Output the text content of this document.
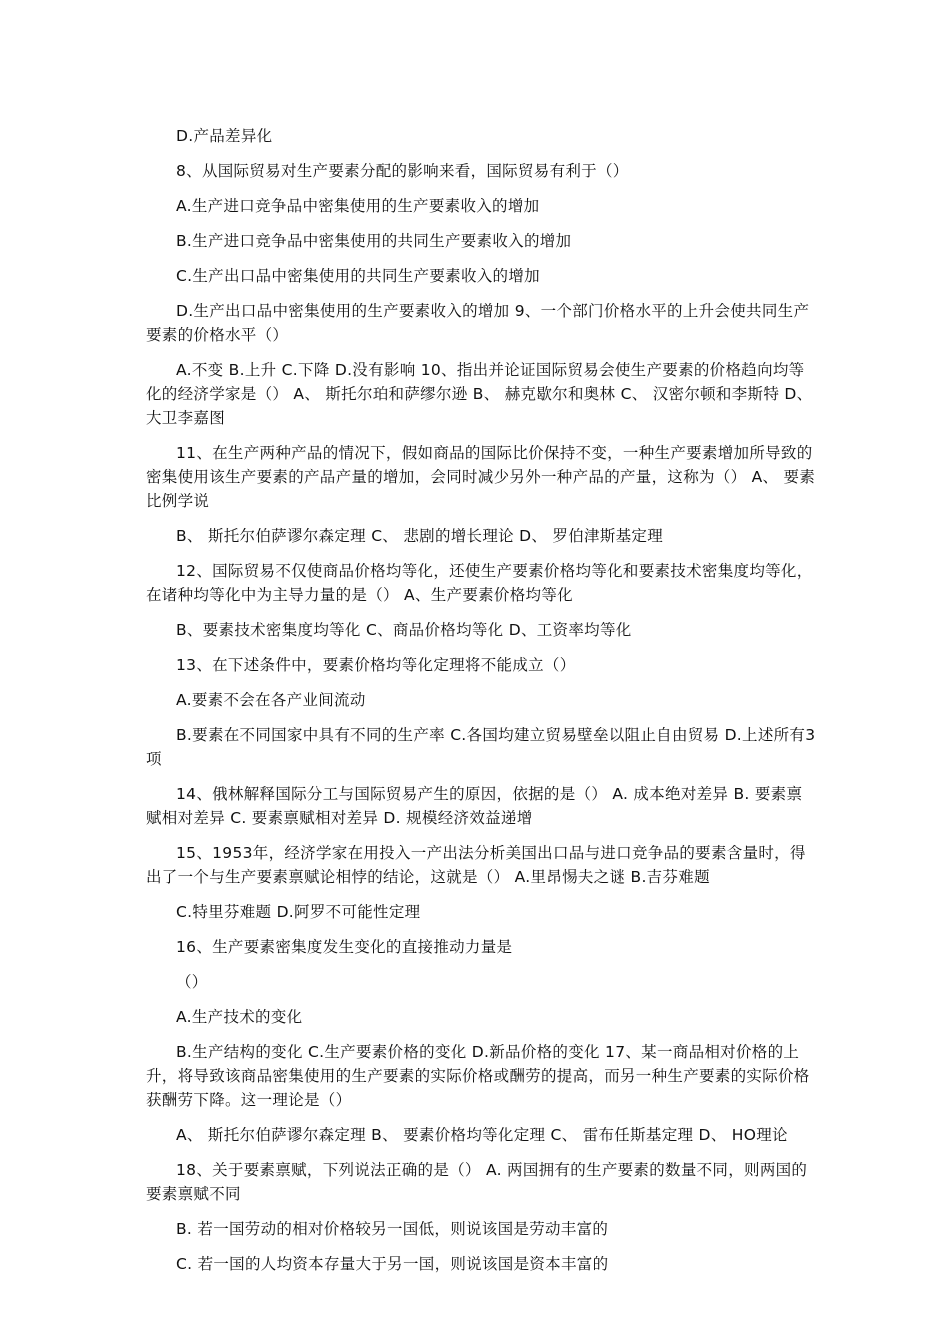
D.产品差异化

8、从国际贸易对生产要素分配的影响来看，国际贸易有利于（）

A.生产进口竞争品中密集使用的生产要素收入的增加

B.生产进口竞争品中密集使用的共同生产要素收入的增加

C.生产出口品中密集使用的共同生产要素收入的增加

D.生产出口品中密集使用的生产要素收入的增加 9、一个部门价格水平的上升会使共同生产要素的价格水平（）

A.不变 B.上升 C.下降 D.没有影响 10、指出并论证国际贸易会使生产要素的价格趋向均等化的经济学家是（） A、 斯托尔珀和萨缪尔逊 B、 赫克歇尔和奥林 C、 汉密尔顿和李斯特 D、 大卫李嘉图

11、在生产两种产品的情况下，假如商品的国际比价保持不变，一种生产要素增加所导致的密集使用该生产要素的产品产量的增加，会同时减少另外一种产品的产量，这称为（） A、 要素比例学说

B、 斯托尔伯萨谬尔森定理 C、 悲剧的增长理论 D、 罗伯津斯基定理

12、国际贸易不仅使商品价格均等化，还使生产要素价格均等化和要素技术密集度均等化，在诸种均等化中为主导力量的是（） A、生产要素价格均等化

B、要素技术密集度均等化 C、商品价格均等化 D、工资率均等化

13、在下述条件中，要素价格均等化定理将不能成立（）

A.要素不会在各产业间流动

B.要素在不同国家中具有不同的生产率 C.各国均建立贸易壁垒以阻止自由贸易 D.上述所有3项

14、俄林解释国际分工与国际贸易产生的原因，依据的是（） A. 成本绝对差异 B. 要素禀赋相对差异 C. 要素禀赋相对差异 D. 规模经济效益递增

15、1953年，经济学家在用投入一产出法分析美国出口品与进口竞争品的要素含量时，得出了一个与生产要素禀赋论相悖的结论，这就是（） A.里昂惕夫之谜 B.吉芬难题

C.特里芬难题 D.阿罗不可能性定理

16、生产要素密集度发生变化的直接推动力量是

（）

A.生产技术的变化

B.生产结构的变化 C.生产要素价格的变化 D.新品价格的变化 17、某一商品相对价格的上升，将导致该商品密集使用的生产要素的实际价格或酬劳的提高，而另一种生产要素的实际价格获酬劳下降。这一理论是（）

A、 斯托尔伯萨谬尔森定理 B、 要素价格均等化定理 C、 雷布任斯基定理 D、 HO理论

18、关于要素禀赋，下列说法正确的是（） A. 两国拥有的生产要素的数量不同，则两国的要素禀赋不同

B. 若一国劳动的相对价格较另一国低，则说该国是劳动丰富的

C. 若一国的人均资本存量大于另一国，则说该国是资本丰富的
